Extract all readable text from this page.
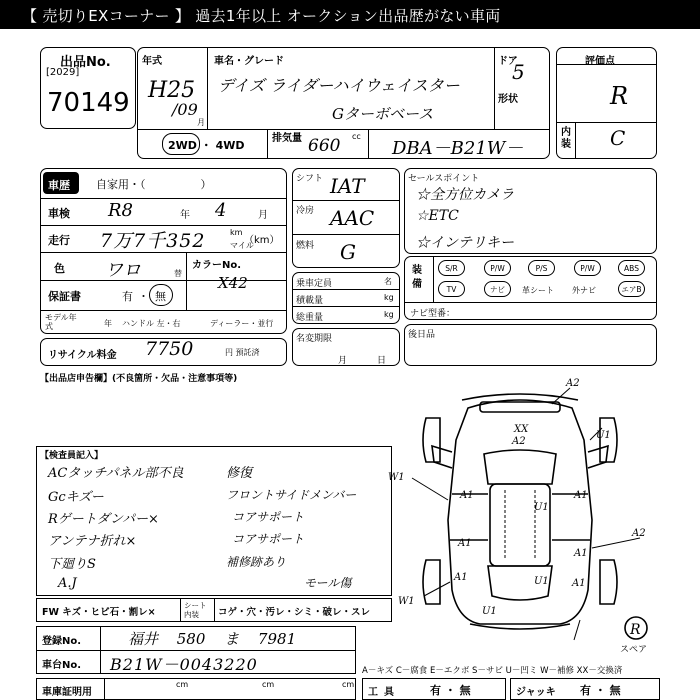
【 売切りEXコーナー 】 過去1年以上 オークション出品歴がない車両
出品No.
[2029]
70149
年式
H25
/09
月
車名・グレード
デイズ ライダーハイウェイスター
Gターボベース
ドア
5
形状
2WD ・ 4WD
排気量 660 cc
DBA－B21W－
評価点
R
内装 C
車歴 自家用・（　　　　　）
車検 R8	年 4	月
走行 7万7千352	km
マイル
（km）
色 ワロ	替
カラーNo.
X42
保証書	有 ・ 無
モデル年式	年 ハンドル 左・右	ディーラー・並行
リサイクル料金 7750	円 預託済
シフト IAT
冷房 AAC
燃料 G
乗車定員	名
積載量	kg
総重量	kg
名変期限
月日
セールスポイント
☆全方位カメラ
☆ETC
☆インテリキー
装備
S/R	P/W	P/S	P/W	ABS
TV	ナビ	革シート 外ナビ	エアB
ナビ型番：
後日品
【出品店申告欄】(不良箇所・欠品・注意事項等)
【検査員記入】
ACタッチパネル部不良
Gcキズー
Rゲートダンパー×
アンテナ折れ×
下廻りS
A.J
修復
フロントサイドメンバー
コアサポート
コアサポート
補修跡あり
モール傷
FW キズ・ヒビ石・割レ×
シート内装	コゲ・穴・汚レ・シミ・破レ・スレ
登録No.	福井 580 ま 7981
車台No. B21W－0043220	A－キズ C－腐食 E－エクボ S－サビ U－凹ミ W－補修 XX－交換済
車庫証明用
cm	cm	cm
工具	有 ・ 無	ジャッキ 有 ・ 無
A2
XX
A2
U1
W1
A1
U1
A1
A1
A1
A1	U1 A1
A2
W1
U1
スペア
R
